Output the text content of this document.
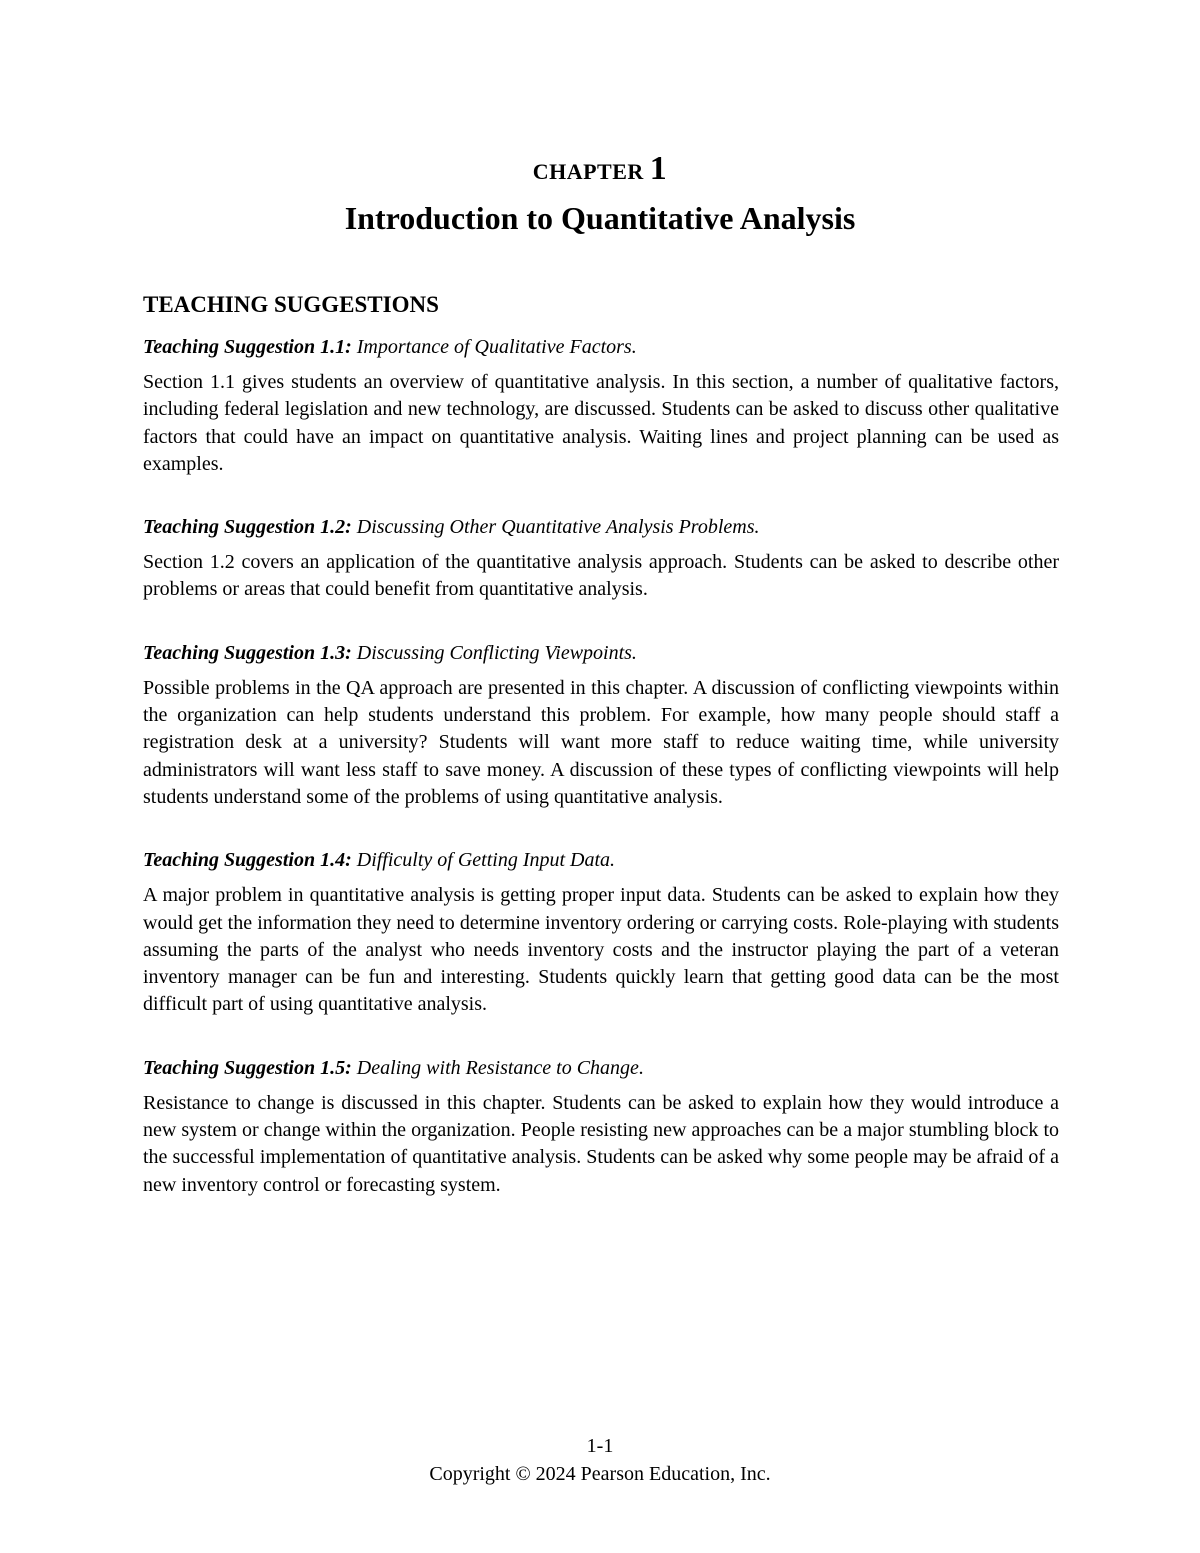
CHAPTER 1
Introduction to Quantitative Analysis
TEACHING SUGGESTIONS
Teaching Suggestion 1.1: Importance of Qualitative Factors.
Section 1.1 gives students an overview of quantitative analysis. In this section, a number of qualitative factors, including federal legislation and new technology, are discussed. Students can be asked to discuss other qualitative factors that could have an impact on quantitative analysis. Waiting lines and project planning can be used as examples.
Teaching Suggestion 1.2: Discussing Other Quantitative Analysis Problems.
Section 1.2 covers an application of the quantitative analysis approach. Students can be asked to describe other problems or areas that could benefit from quantitative analysis.
Teaching Suggestion 1.3: Discussing Conflicting Viewpoints.
Possible problems in the QA approach are presented in this chapter. A discussion of conflicting viewpoints within the organization can help students understand this problem. For example, how many people should staff a registration desk at a university? Students will want more staff to reduce waiting time, while university administrators will want less staff to save money. A discussion of these types of conflicting viewpoints will help students understand some of the problems of using quantitative analysis.
Teaching Suggestion 1.4: Difficulty of Getting Input Data.
A major problem in quantitative analysis is getting proper input data. Students can be asked to explain how they would get the information they need to determine inventory ordering or carrying costs. Role-playing with students assuming the parts of the analyst who needs inventory costs and the instructor playing the part of a veteran inventory manager can be fun and interesting. Students quickly learn that getting good data can be the most difficult part of using quantitative analysis.
Teaching Suggestion 1.5: Dealing with Resistance to Change.
Resistance to change is discussed in this chapter. Students can be asked to explain how they would introduce a new system or change within the organization. People resisting new approaches can be a major stumbling block to the successful implementation of quantitative analysis. Students can be asked why some people may be afraid of a new inventory control or forecasting system.
1-1
Copyright © 2024 Pearson Education, Inc.
